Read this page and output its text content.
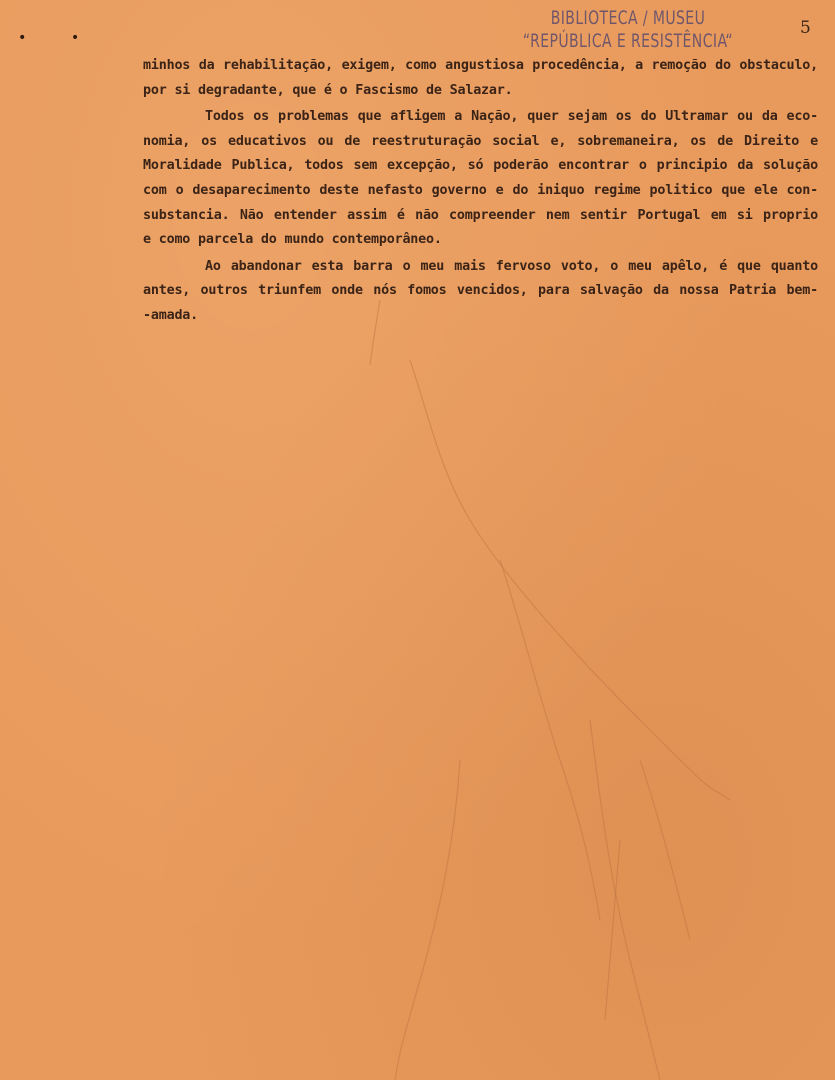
• •
BIBLIOTECA / MUSEU
“REPÚBLICA E RESISTÊNCIA“
5

minhos da rehabilitação, exigem, como angustiosa procedência, a remoção do obstaculo,
por si degradante, que é o Fascismo de Salazar.

Todos os problemas que afligem a Nação, quer sejam os do Ultramar ou da eco-
nomia, os educativos ou de reestruturação social e, sobremaneira, os de Direito e
Moralidade Publica, todos sem excepção, só poderão encontrar o principio da solução
com o desaparecimento deste nefasto governo e do iniquo regime politico que ele con-
substancia. Não entender assim é não compreender nem sentir Portugal em si proprio
e como parcela do mundo contemporâneo.

Ao abandonar esta barra o meu mais fervoso voto, o meu apêlo, é que quanto
antes, outros triunfem onde nós fomos vencidos, para salvação da nossa Patria bem-
-amada.
